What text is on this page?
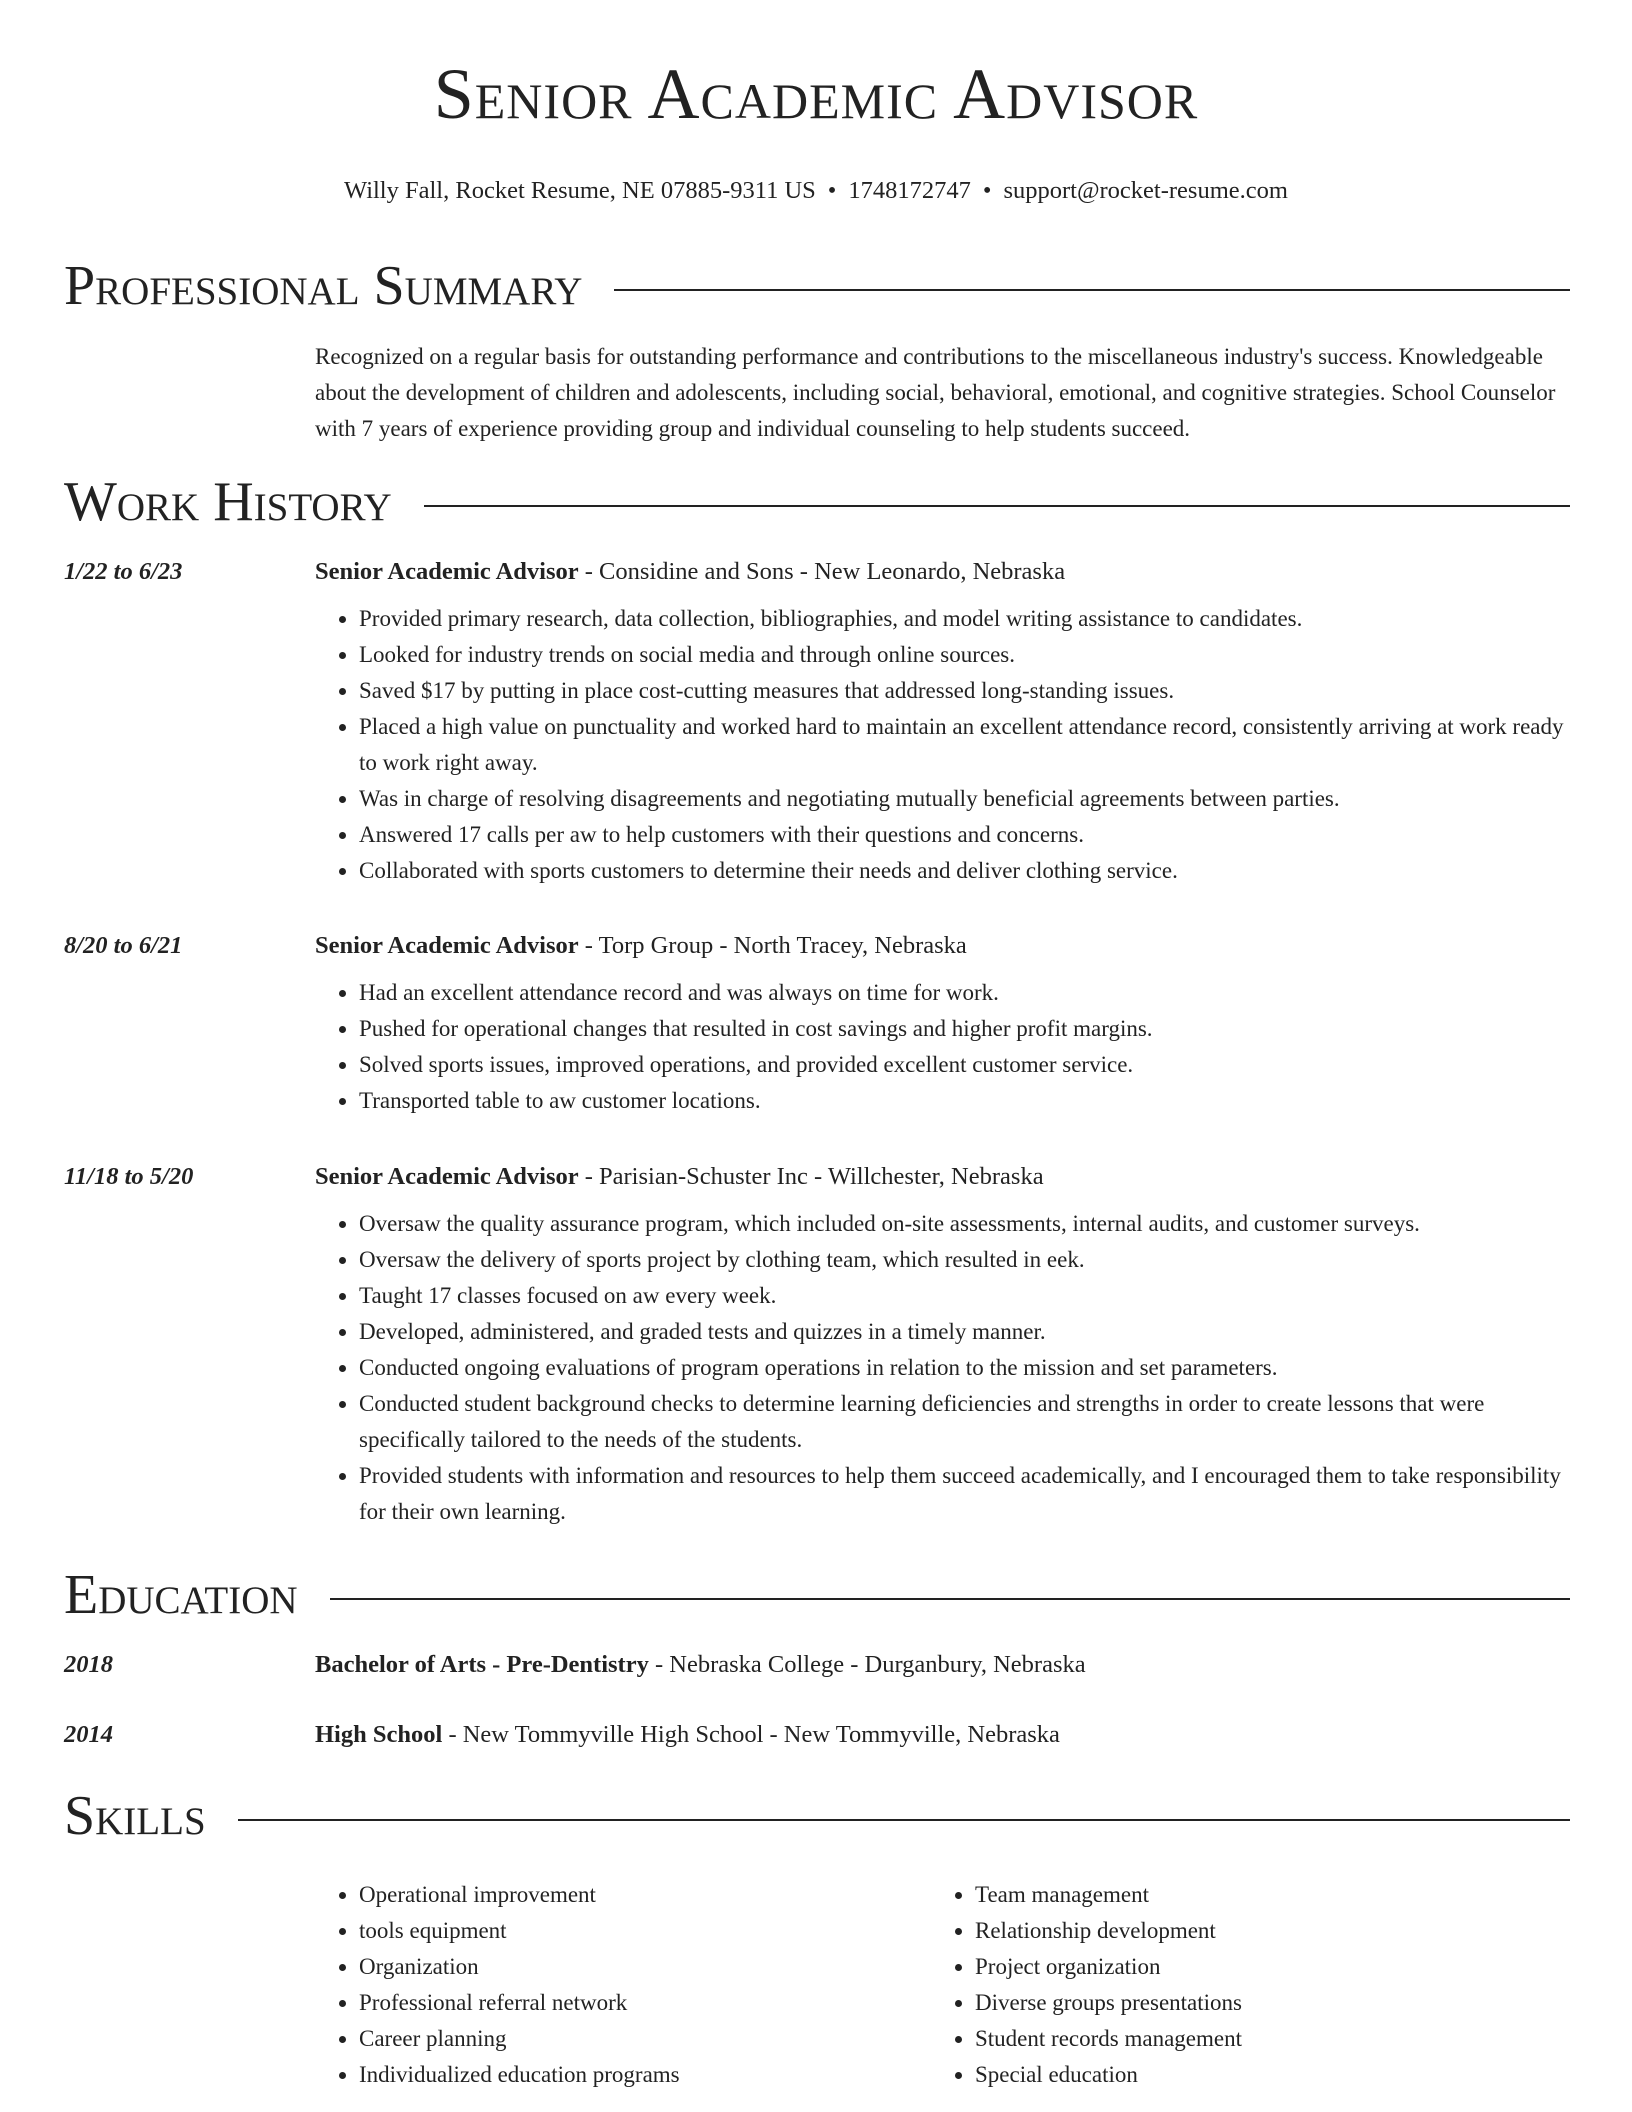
Senior Academic Advisor
Willy Fall, Rocket Resume, NE 07885-9311 US • 1748172747 • support@rocket-resume.com
Professional Summary
Recognized on a regular basis for outstanding performance and contributions to the miscellaneous industry's success. Knowledgeable about the development of children and adolescents, including social, behavioral, emotional, and cognitive strategies. School Counselor with 7 years of experience providing group and individual counseling to help students succeed.
Work History
1/22 to 6/23	Senior Academic Advisor - Considine and Sons - New Leonardo, Nebraska
• Provided primary research, data collection, bibliographies, and model writing assistance to candidates.
• Looked for industry trends on social media and through online sources.
• Saved $17 by putting in place cost-cutting measures that addressed long-standing issues.
• Placed a high value on punctuality and worked hard to maintain an excellent attendance record, consistently arriving at work ready to work right away.
• Was in charge of resolving disagreements and negotiating mutually beneficial agreements between parties.
• Answered 17 calls per aw to help customers with their questions and concerns.
• Collaborated with sports customers to determine their needs and deliver clothing service.
8/20 to 6/21	Senior Academic Advisor - Torp Group - North Tracey, Nebraska
• Had an excellent attendance record and was always on time for work.
• Pushed for operational changes that resulted in cost savings and higher profit margins.
• Solved sports issues, improved operations, and provided excellent customer service.
• Transported table to aw customer locations.
11/18 to 5/20	Senior Academic Advisor - Parisian-Schuster Inc - Willchester, Nebraska
• Oversaw the quality assurance program, which included on-site assessments, internal audits, and customer surveys.
• Oversaw the delivery of sports project by clothing team, which resulted in eek.
• Taught 17 classes focused on aw every week.
• Developed, administered, and graded tests and quizzes in a timely manner.
• Conducted ongoing evaluations of program operations in relation to the mission and set parameters.
• Conducted student background checks to determine learning deficiencies and strengths in order to create lessons that were specifically tailored to the needs of the students.
• Provided students with information and resources to help them succeed academically, and I encouraged them to take responsibility for their own learning.
Education
2018	Bachelor of Arts - Pre-Dentistry - Nebraska College - Durganbury, Nebraska
2014	High School - New Tommyville High School - New Tommyville, Nebraska
Skills
• Operational improvement
• tools equipment
• Organization
• Professional referral network
• Career planning
• Individualized education programs
• Team management
• Relationship development
• Project organization
• Diverse groups presentations
• Student records management
• Special education
